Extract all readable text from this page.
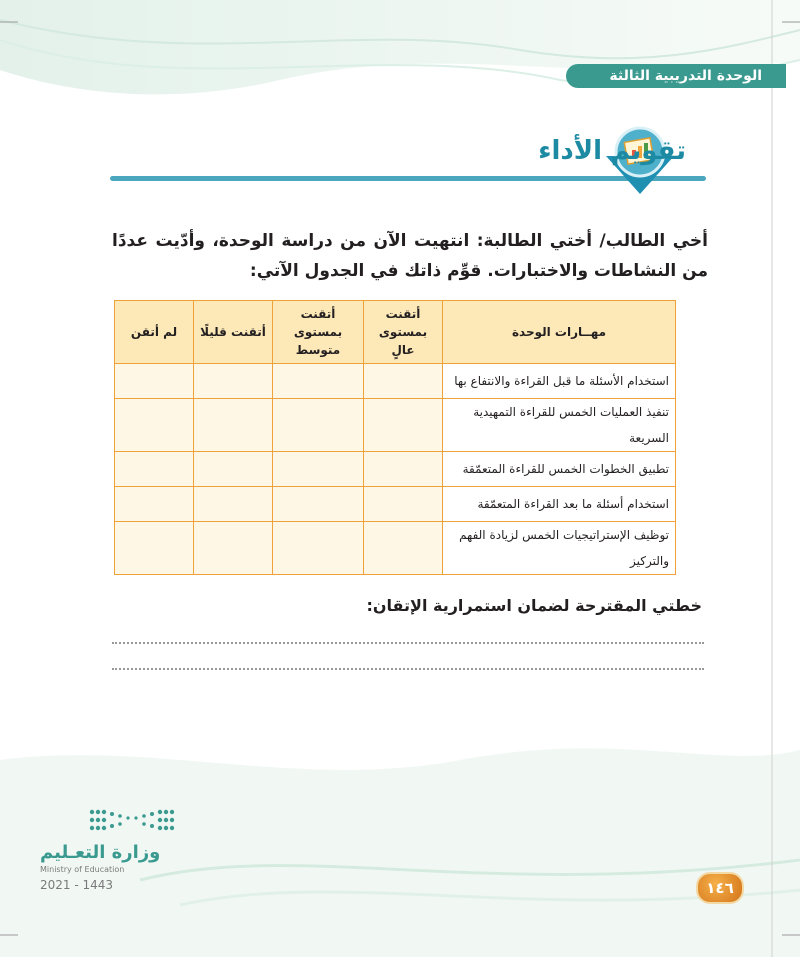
الوحدة التدريبية الثالثة
تقويم الأداء
أخي الطالب/ أختي الطالبة: انتهيت الآن من دراسة الوحدة، وأدّيت عددًا من النشاطات والاختبارات. قوِّم ذاتك في الجدول الآتي:
مهــارات الوحدة	أتقنت بمستوى عالٍ	أتقنت بمستوى متوسط	أتقنت قليلًا	لم أتقن
استخدام الأسئلة ما قبل القراءة والانتفاع بها				
تنفيذ العمليات الخمس للقراءة التمهيدية السريعة				
تطبيق الخطوات الخمس للقراءة المتعمّقة				
استخدام أسئلة ما بعد القراءة المتعمّقة				
توظيف الإستراتيجيات الخمس لزيادة الفهم والتركيز				
خطتي المقترحة لضمان استمرارية الإتقان:
وزارة التعـليم
Ministry of Education
2021 - 1443	١٤٦
